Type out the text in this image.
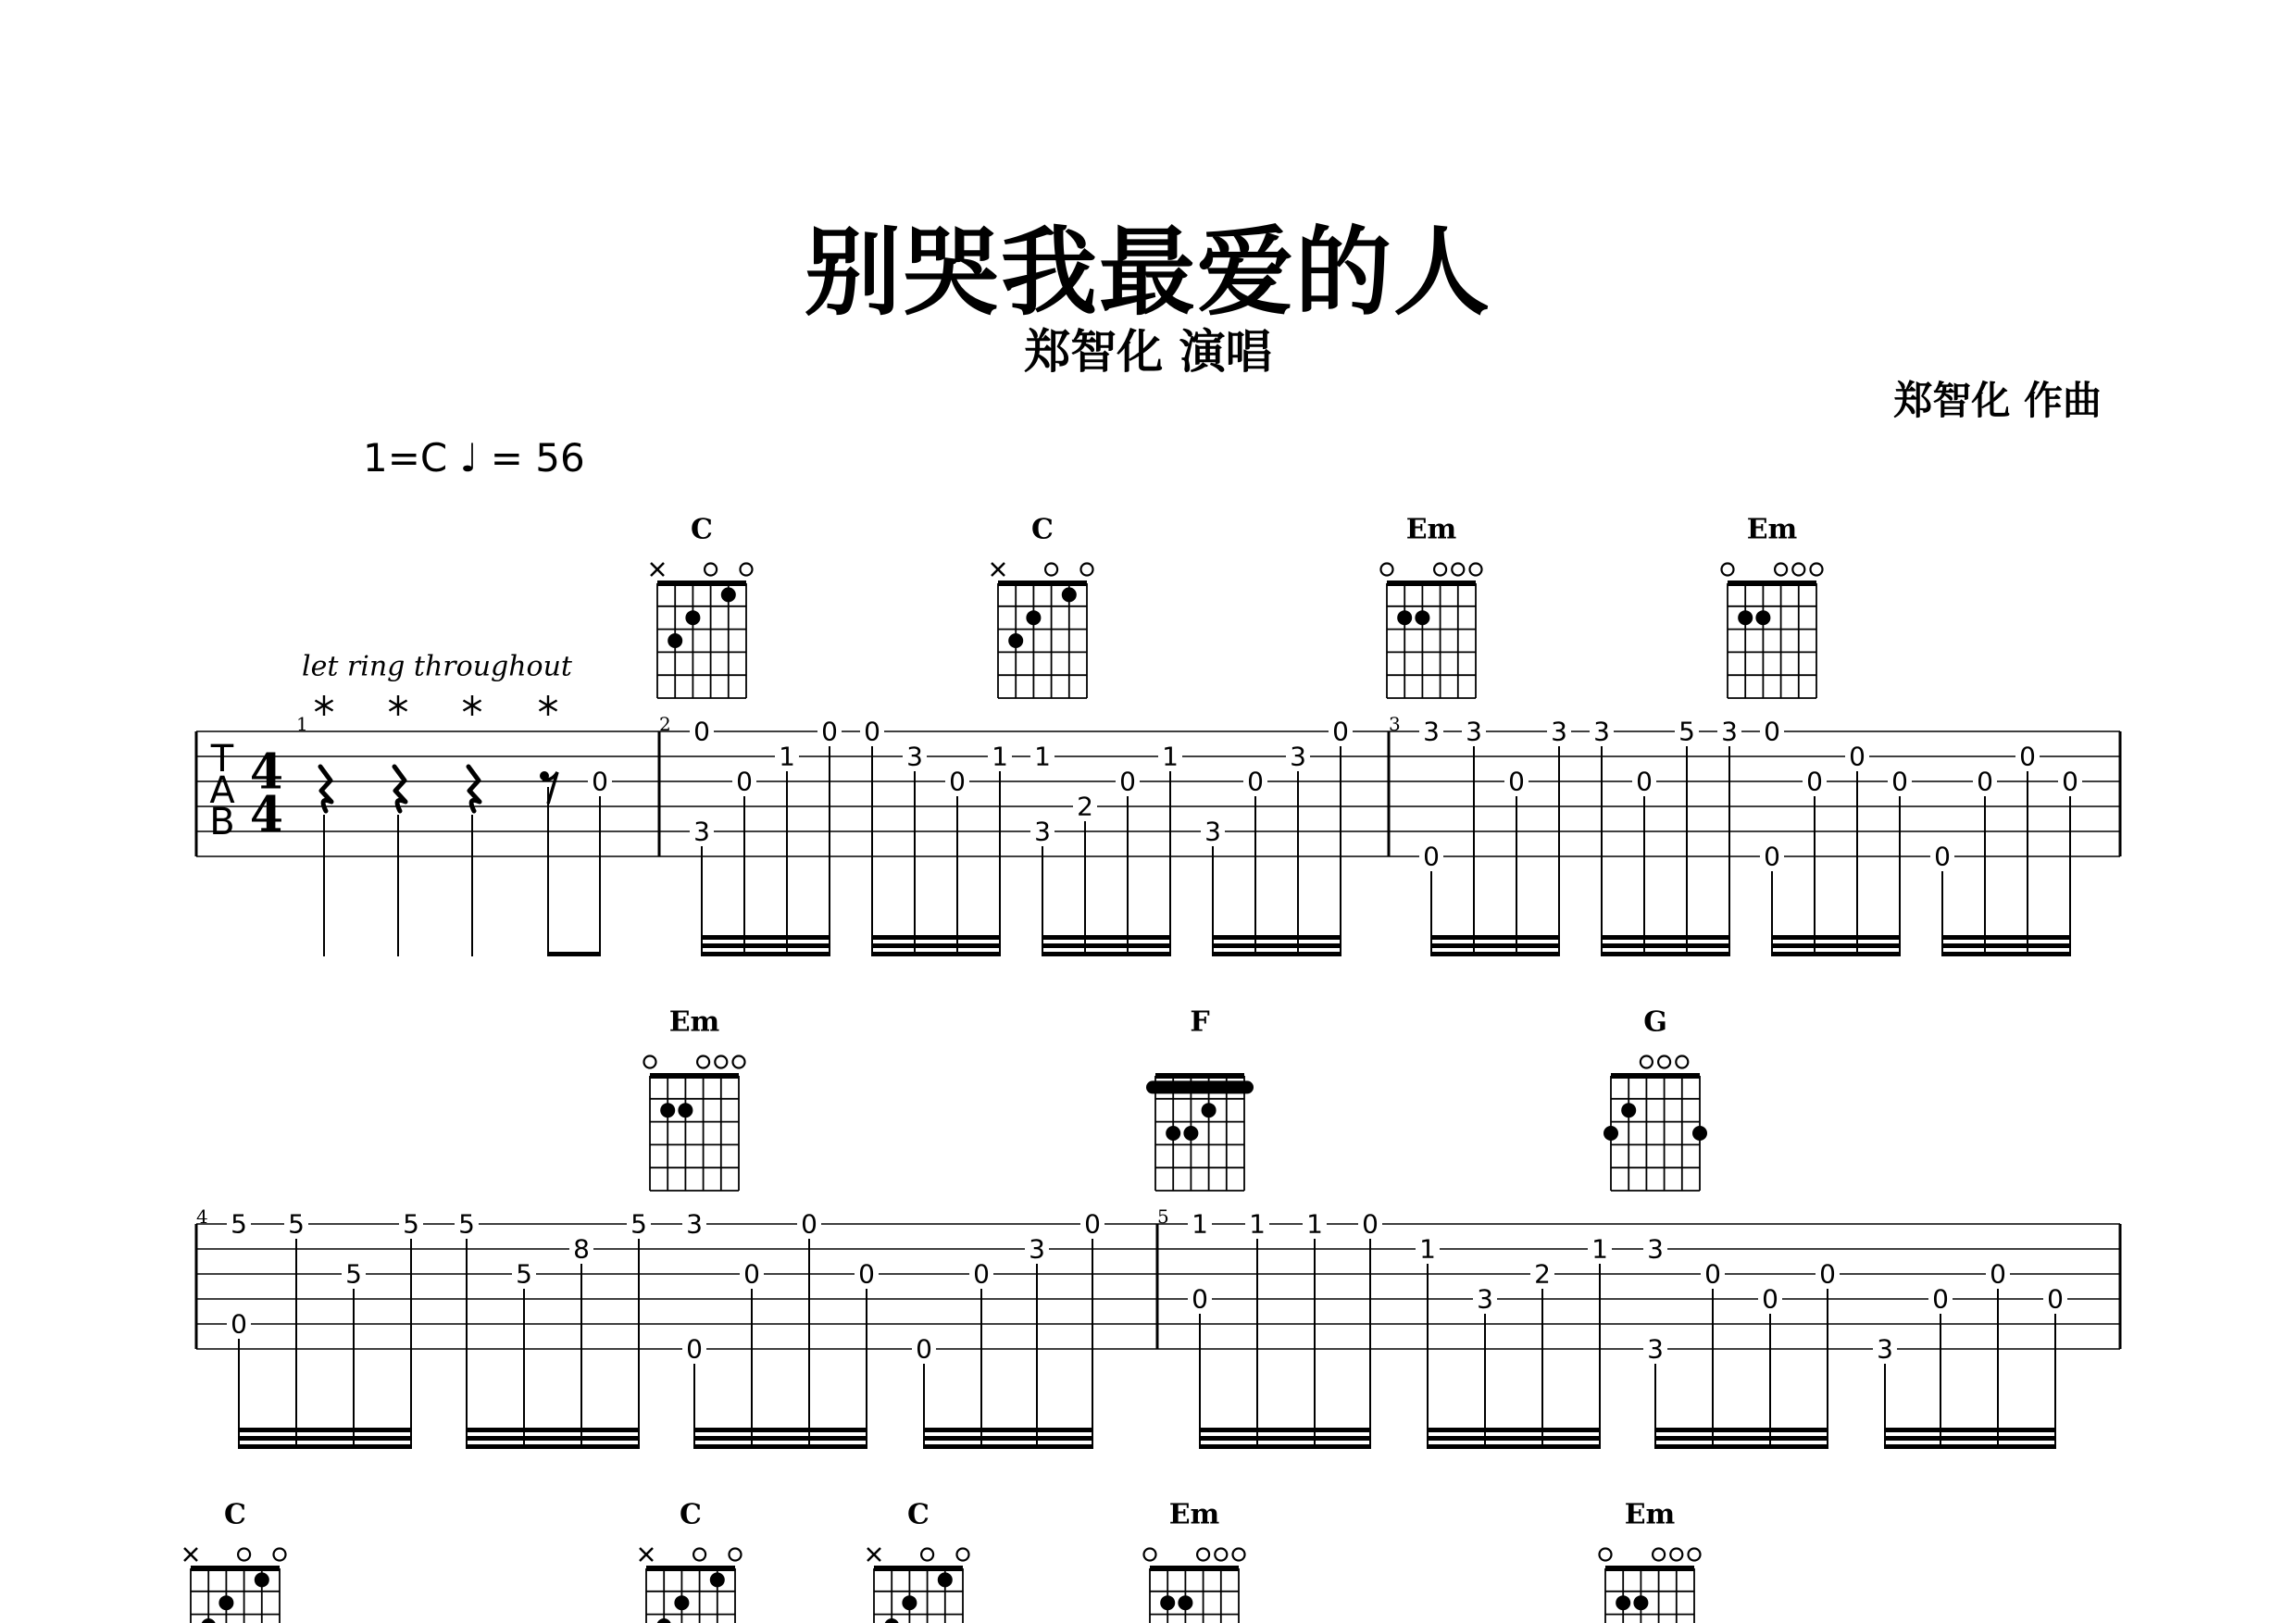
别哭我最爱的人
郑智化 演唱
郑智化 作曲
1=C ♩ = 56
C	C	Em	Em
1	2	3
T
A
B
4
4
let ring throughout
0
0
3
0
1
0 0
3
0
1 1
3
2
0
1
3
0
3
0	3
0
3
0
3 3
0
5 3 0
0
0
0
0
0
0
0
0
Em	F	G
4	5
5
0
5
5
5 5
5
8
5 3
0
0
0
0
0
0
3
0	1
0
1 1 0
1
3
2
1 3
3
0
0
0
3
0
0
0
C	C	C	Em	Em
